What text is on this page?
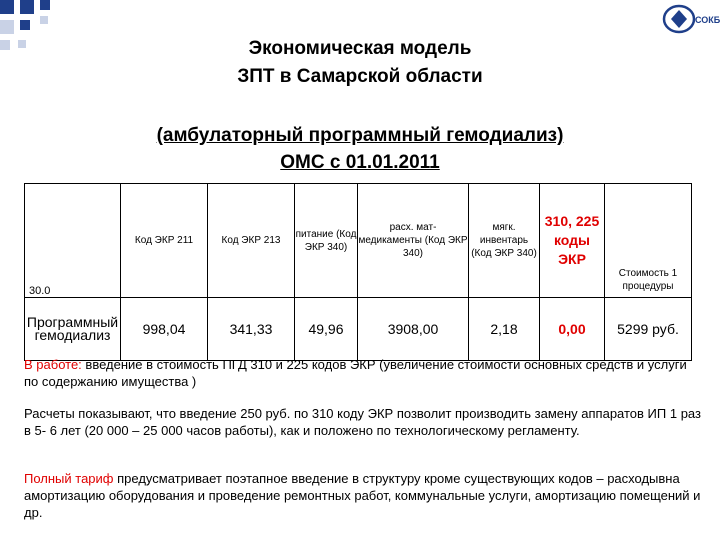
СОКБ
Экономическая модель
ЗПТ в Самарской области
(амбулаторный программный гемодиализ)
ОМС с 01.01.2011
30.0	Код ЭКР 211	Код ЭКР 213	питание (Код ЭКР 340)	расх. мат-медикаменты (Код ЭКР 340)	мягк. инвентарь (Код ЭКР 340)	310, 225 коды ЭКР	Стоимость 1 процедуры
Программный гемодиализ	998,04	341,33	49,96	3908,00	2,18	0,00	5299 руб.
В работе: введение в стоимость ПГД 310 и 225 кодов ЭКР (увеличение стоимости основных средств и услуги по содержанию имущества )
Расчеты показывают, что введение 250 руб. по 310 коду ЭКР позволит производить замену аппаратов ИП 1 раз в 5- 6 лет (20 000 – 25 000 часов работы), как и положено по технологическому регламенту.
Полный тариф предусматривает поэтапное введение в структуру кроме существующих кодов – расходывна амортизацию оборудования и проведение ремонтных работ, коммунальные услуги, амортизацию помещений и др.
